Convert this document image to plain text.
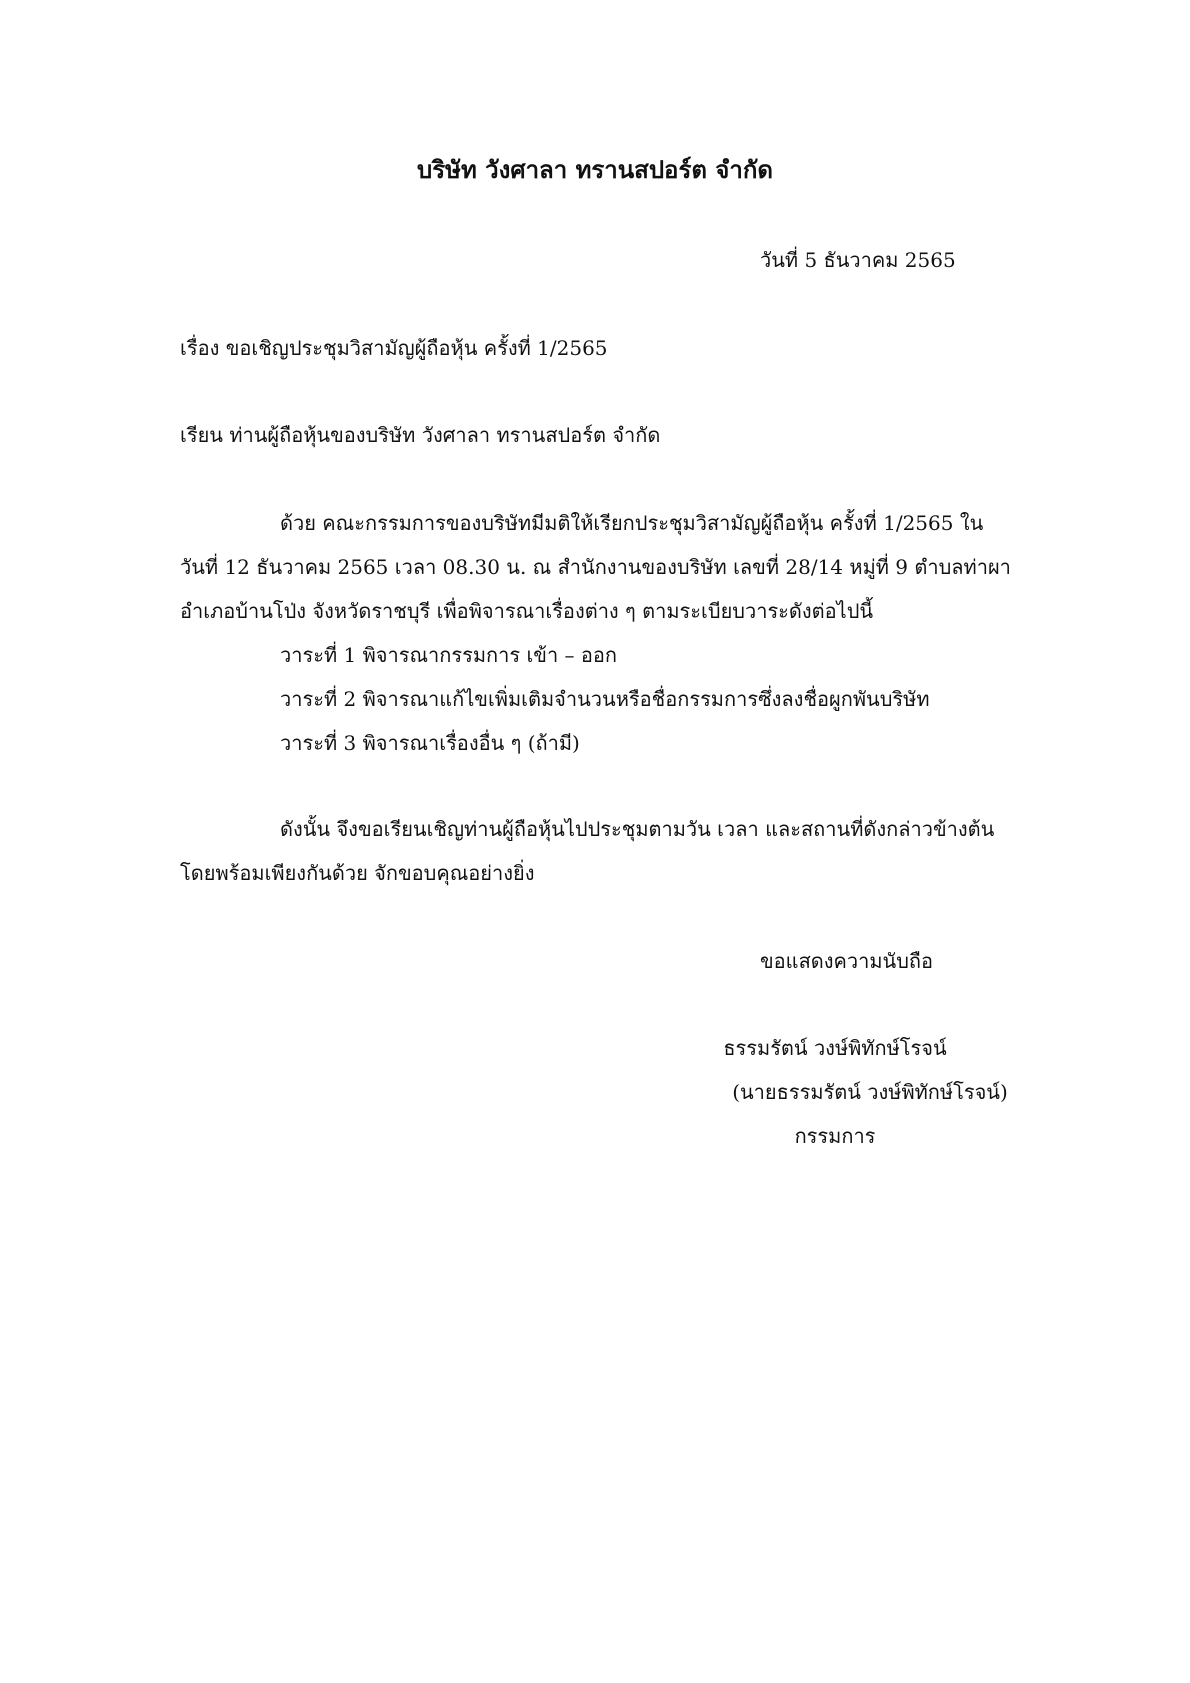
บริษัท วังศาลา ทรานสปอร์ต จำกัด
วันที่ 5 ธันวาคม 2565
เรื่อง ขอเชิญประชุมวิสามัญผู้ถือหุ้น ครั้งที่ 1/2565
เรียน ท่านผู้ถือหุ้นของบริษัท วังศาลา ทรานสปอร์ต จำกัด
ด้วย คณะกรรมการของบริษัทมีมติให้เรียกประชุมวิสามัญผู้ถือหุ้น ครั้งที่ 1/2565 ใน
วันที่ 12 ธันวาคม 2565 เวลา 08.30 น. ณ สำนักงานของบริษัท เลขที่ 28/14 หมู่ที่ 9 ตำบลท่าผา
อำเภอบ้านโป่ง จังหวัดราชบุรี เพื่อพิจารณาเรื่องต่าง ๆ ตามระเบียบวาระดังต่อไปนี้
วาระที่ 1 พิจารณากรรมการ เข้า – ออก
วาระที่ 2 พิจารณาแก้ไขเพิ่มเติมจำนวนหรือชื่อกรรมการซึ่งลงชื่อผูกพันบริษัท
วาระที่ 3 พิจารณาเรื่องอื่น ๆ (ถ้ามี)
ดังนั้น จึงขอเรียนเชิญท่านผู้ถือหุ้นไปประชุมตามวัน เวลา และสถานที่ดังกล่าวข้างต้น
โดยพร้อมเพียงกันด้วย จักขอบคุณอย่างยิ่ง
ขอแสดงความนับถือ
ธรรมรัตน์ วงษ์พิทักษ์โรจน์
(นายธรรมรัตน์ วงษ์พิทักษ์โรจน์)
กรรมการ
